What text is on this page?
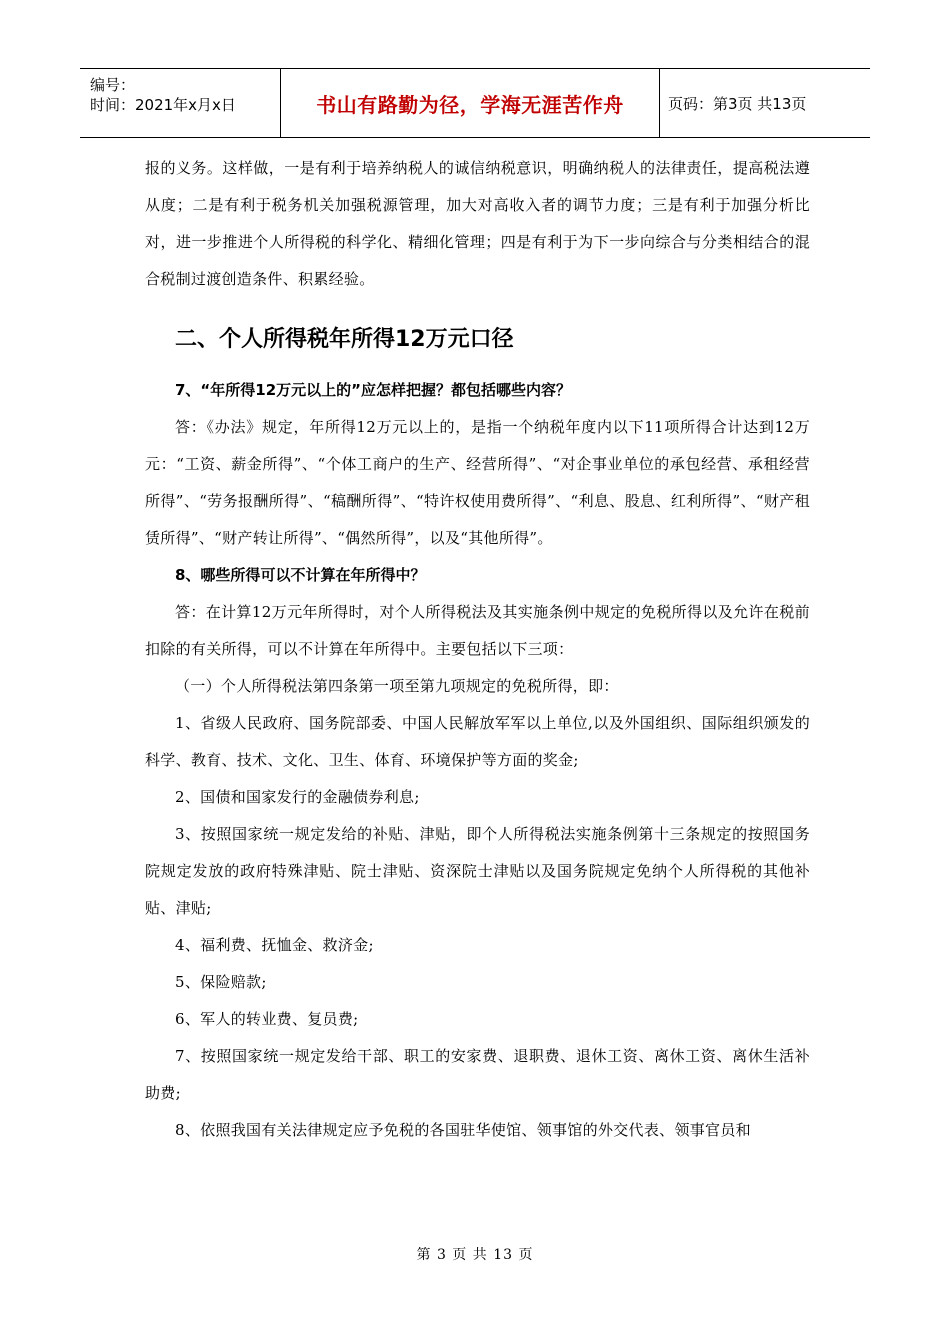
编号：
时间：2021年x月x日	书山有路勤为径，学海无涯苦作舟	页码：第3页 共13页

报的义务。这样做，一是有利于培养纳税人的诚信纳税意识，明确纳税人的法律责任，提高税法遵从度；二是有利于税务机关加强税源管理，加大对高收入者的调节力度；三是有利于加强分析比对，进一步推进个人所得税的科学化、精细化管理；四是有利于为下一步向综合与分类相结合的混合税制过渡创造条件、积累经验。

二、个人所得税年所得12万元口径

7、“年所得12万元以上的”应怎样把握？都包括哪些内容？

答：《办法》规定，年所得12万元以上的，是指一个纳税年度内以下11项所得合计达到12万元：“工资、薪金所得”、“个体工商户的生产、经营所得”、“对企事业单位的承包经营、承租经营所得”、“劳务报酬所得”、“稿酬所得”、“特许权使用费所得”、“利息、股息、红利所得”、“财产租赁所得”、“财产转让所得”、“偶然所得”，以及“其他所得”。

8、哪些所得可以不计算在年所得中？

答：在计算12万元年所得时，对个人所得税法及其实施条例中规定的免税所得以及允许在税前扣除的有关所得，可以不计算在年所得中。主要包括以下三项：

（一）个人所得税法第四条第一项至第九项规定的免税所得，即：

1、省级人民政府、国务院部委、中国人民解放军军以上单位,以及外国组织、国际组织颁发的科学、教育、技术、文化、卫生、体育、环境保护等方面的奖金;

2、国债和国家发行的金融债券利息;

3、按照国家统一规定发给的补贴、津贴，即个人所得税法实施条例第十三条规定的按照国务院规定发放的政府特殊津贴、院士津贴、资深院士津贴以及国务院规定免纳个人所得税的其他补贴、津贴;

4、福利费、抚恤金、救济金;

5、保险赔款;

6、军人的转业费、复员费;

7、按照国家统一规定发给干部、职工的安家费、退职费、退休工资、离休工资、离休生活补助费;

8、依照我国有关法律规定应予免税的各国驻华使馆、领事馆的外交代表、领事官员和

第 3 页 共 13 页
